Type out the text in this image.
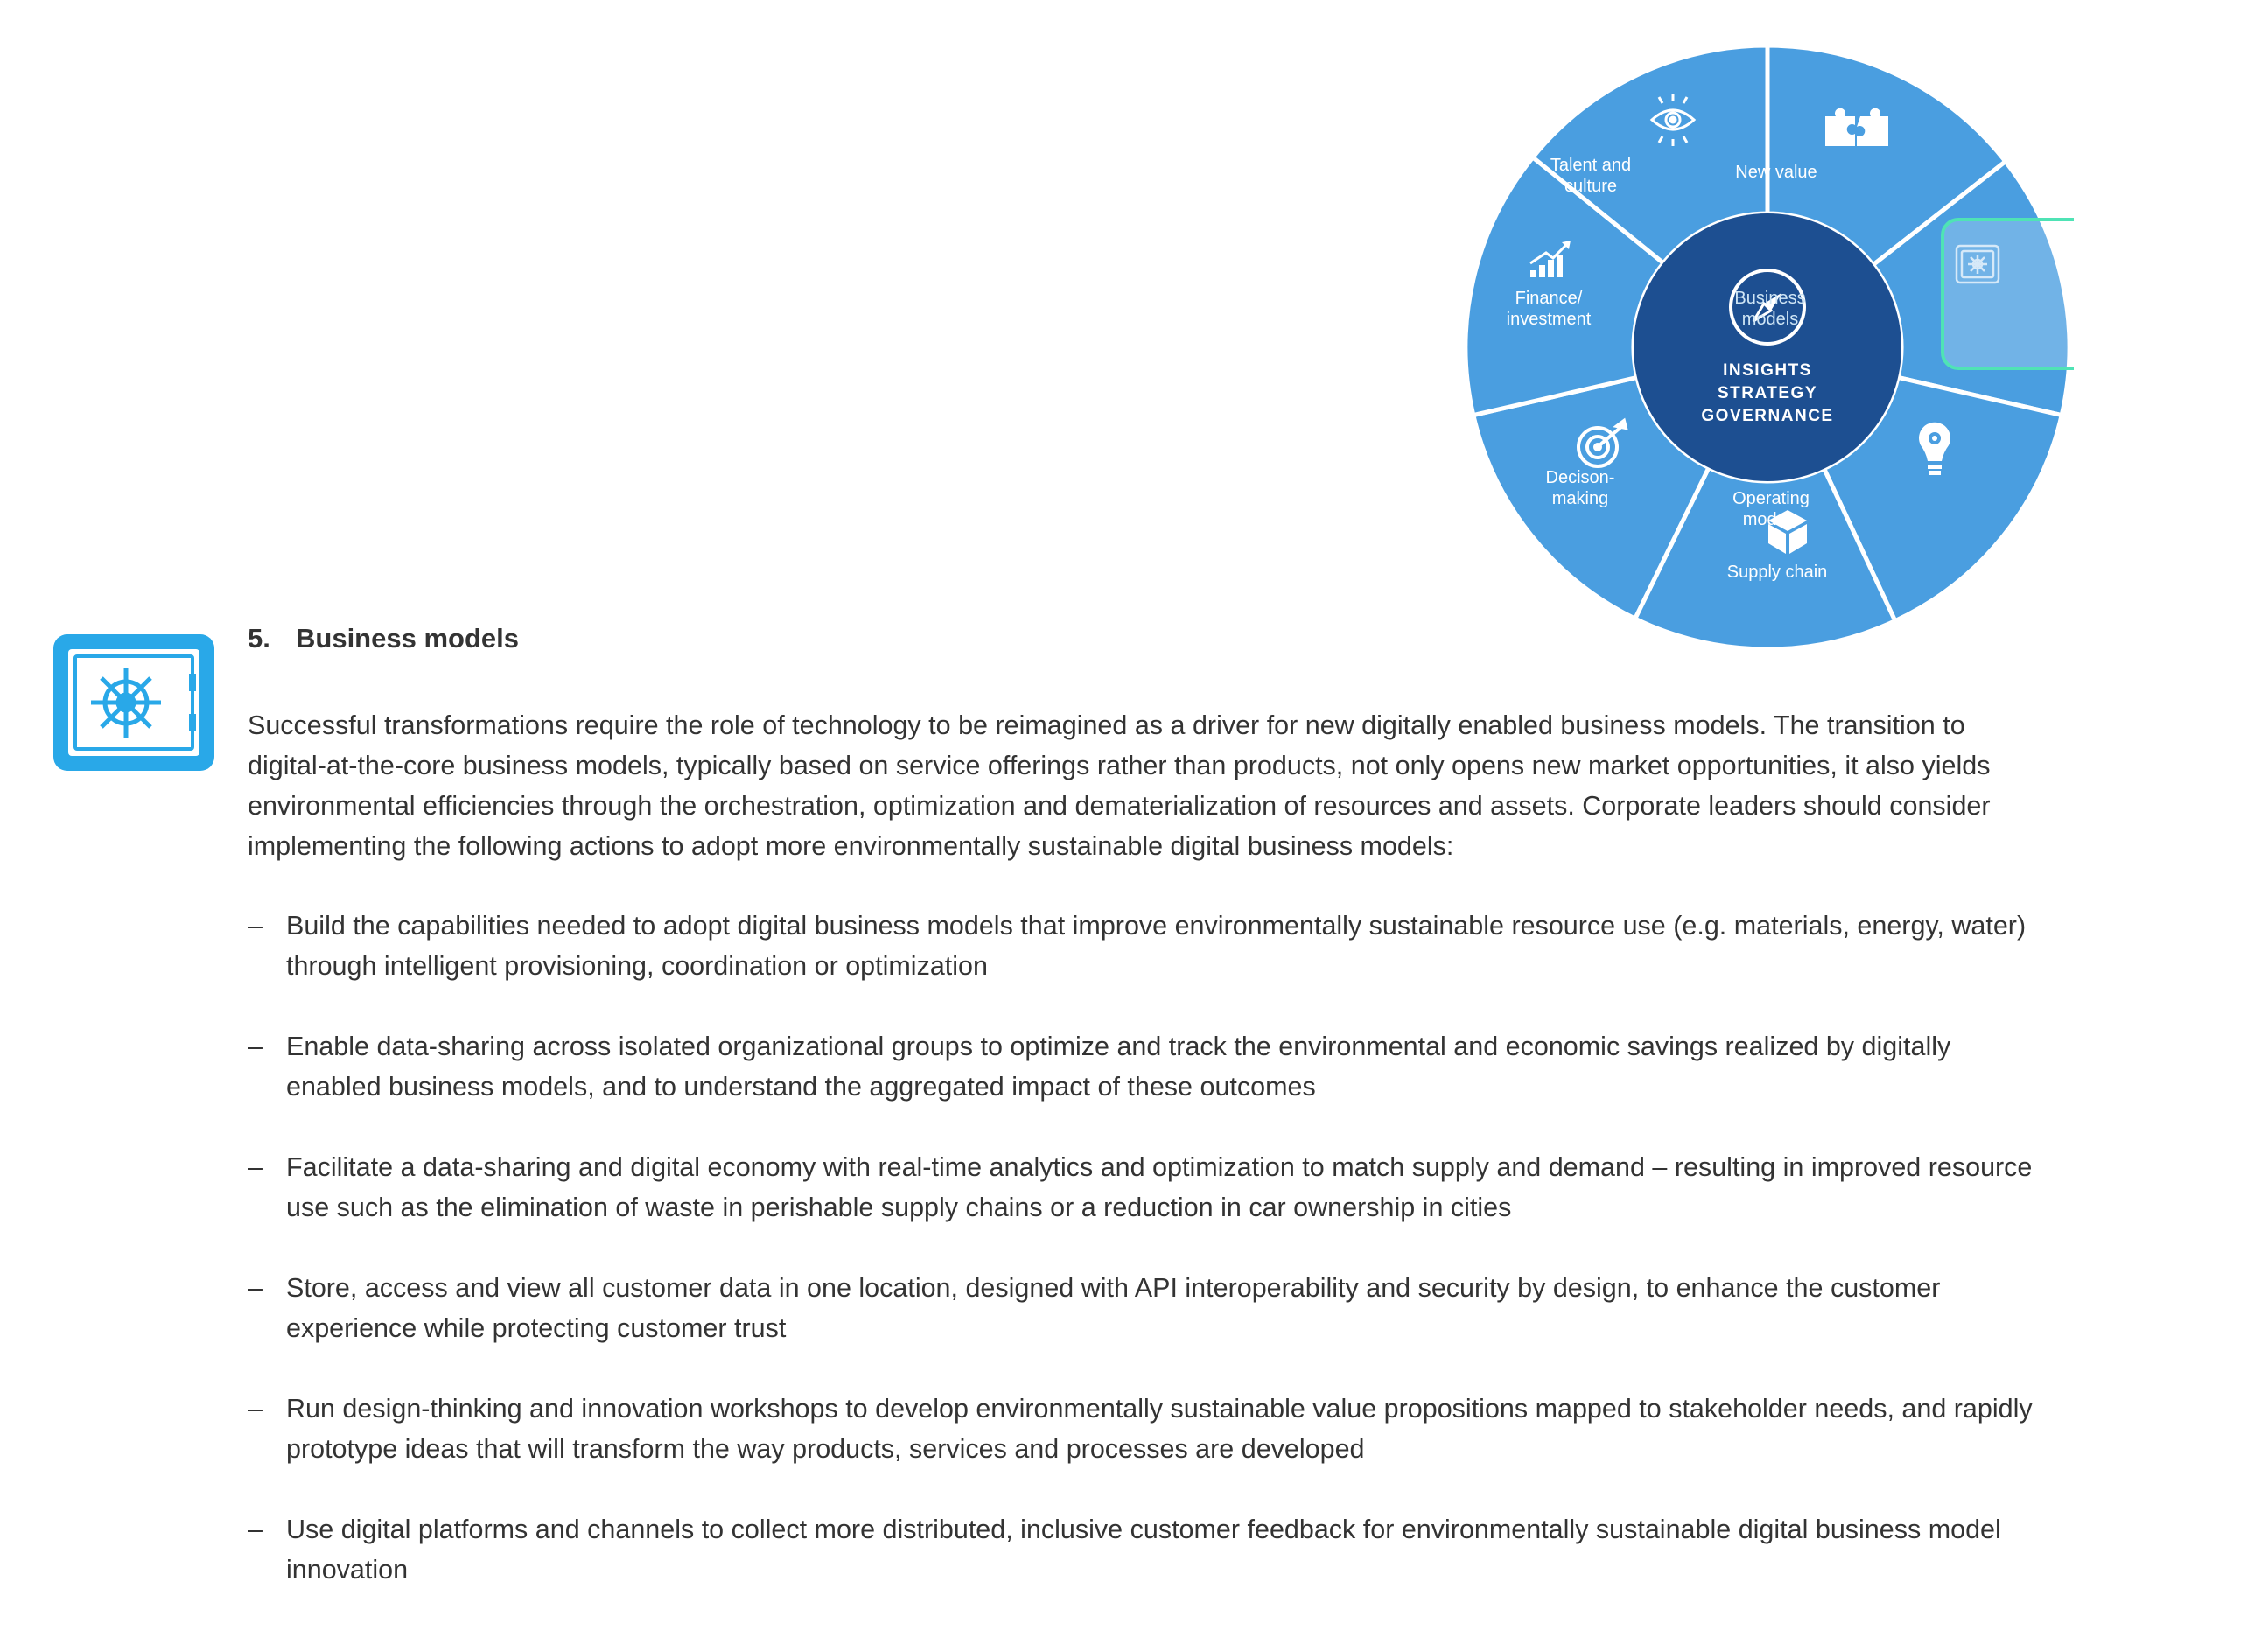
New value
Business models
Operating models
Supply chain
Decison-making
Finance/ investment
Talent and culture
INSIGHTS
STRATEGY
GOVERNANCE
5. Business models

Successful transformations require the role of technology to be reimagined as a driver for new digitally enabled business models. The transition to digital-at-the-core business models, typically based on service offerings rather than products, not only opens new market opportunities, it also yields environmental efficiencies through the orchestration, optimization and dematerialization of resources and assets. Corporate leaders should consider implementing the following actions to adopt more environmentally sustainable digital business models:

– Build the capabilities needed to adopt digital business models that improve environmentally sustainable resource use (e.g. materials, energy, water) through intelligent provisioning, coordination or optimization
– Enable data-sharing across isolated organizational groups to optimize and track the environmental and economic savings realized by digitally enabled business models, and to understand the aggregated impact of these outcomes
– Facilitate a data-sharing and digital economy with real-time analytics and optimization to match supply and demand – resulting in improved resource use such as the elimination of waste in perishable supply chains or a reduction in car ownership in cities
– Store, access and view all customer data in one location, designed with API interoperability and security by design, to enhance the customer experience while protecting customer trust
– Run design-thinking and innovation workshops to develop environmentally sustainable value propositions mapped to stakeholder needs, and rapidly prototype ideas that will transform the way products, services and processes are developed
– Use digital platforms and channels to collect more distributed, inclusive customer feedback for environmentally sustainable digital business model innovation
